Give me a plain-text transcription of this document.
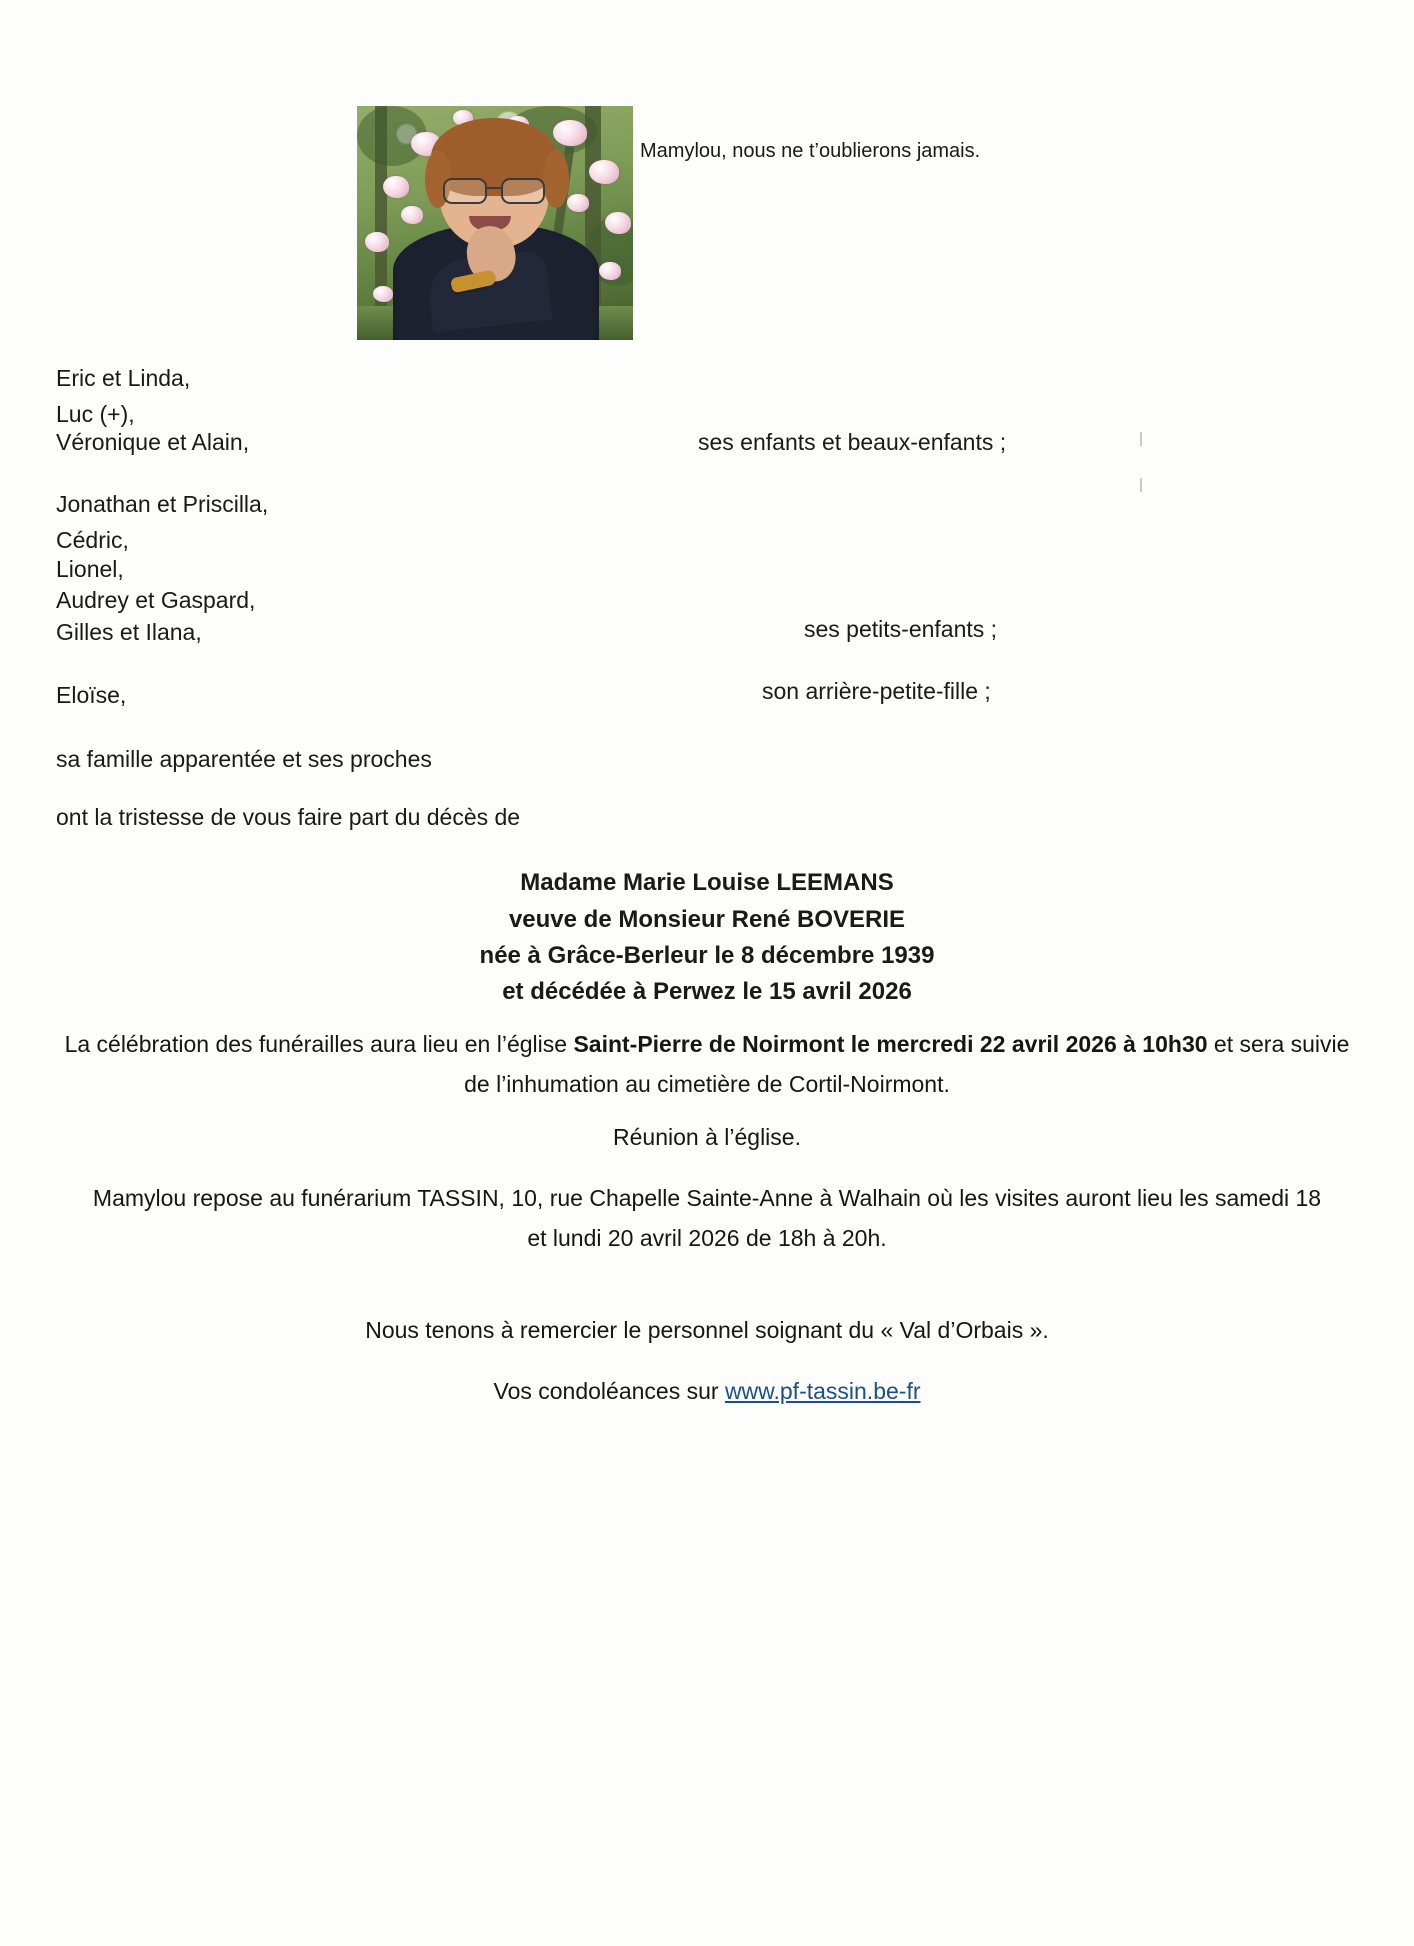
Mamylou, nous ne t’oublierons jamais.
Eric et Linda,
Luc (+),
Véronique et Alain,	ses enfants et beaux-enfants ;
Jonathan et Priscilla,
Cédric,
Lionel,
Audrey et Gaspard,
Gilles et Ilana,	ses petits-enfants ;
Eloïse,	son arrière-petite-fille ;
sa famille apparentée et ses proches
ont la tristesse de vous faire part du décès de
Madame Marie Louise LEEMANS
veuve de Monsieur René BOVERIE
née à Grâce-Berleur le 8 décembre 1939
et décédée à Perwez le 15 avril 2026
La célébration des funérailles aura lieu en l’église Saint-Pierre de Noirmont le mercredi 22 avril 2026 à 10h30 et sera suivie de l’inhumation au cimetière de Cortil-Noirmont.
Réunion à l’église.
Mamylou repose au funérarium TASSIN, 10, rue Chapelle Sainte-Anne à Walhain où les visites auront lieu les samedi 18 et lundi 20 avril 2026 de 18h à 20h.
Nous tenons à remercier le personnel soignant du « Val d’Orbais ».
Vos condoléances sur www.pf-tassin.be-fr
